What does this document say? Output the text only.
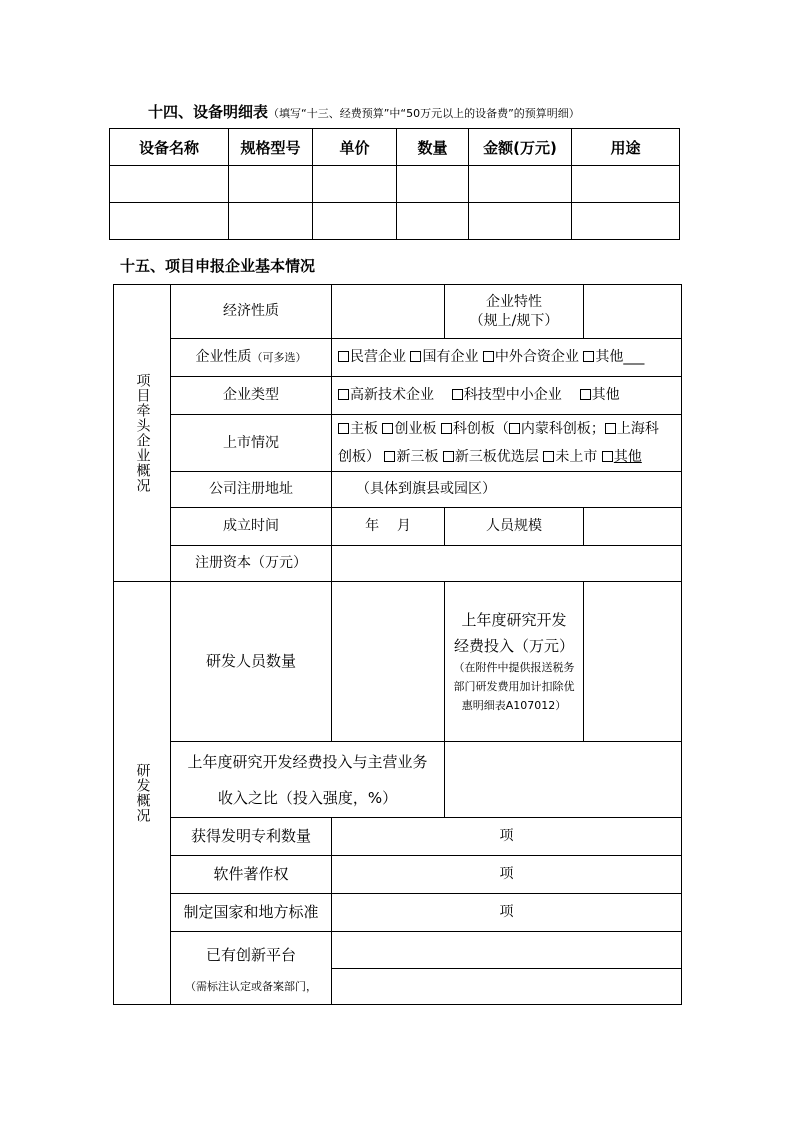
十四、设备明细表（填写“十三、经费预算”中“50万元以上的设备费”的预算明细）
设备名称	规格型号	单价	数量	金额(万元)	用途

十五、项目申报企业基本情况
项目牵头企业概况	经济性质		企业特性
（规上/规下）	

	企业性质（可多选）	民营企业 国有企业 中外合资企业 其他___		
	企业类型	高新技术企业 科技型中小企业 其他		
	上市情况	主板 创业板 科创板（ 内蒙科创板； 上海科
创板） 新三板 新三板优选层 未上市 其他		

	公司注册地址	（具体到旗县或园区）		
	成立时间	年    月	人员规模	
	注册资本（万元）			

研发概况	研发人员数量		上年度研究开发
经费投入（万元）
（在附件中提供报送税务部门研发费用加计扣除优惠明细表A107012）	

	上年度研究开发经费投入与主营业务
收入之比（投入强度，%）			

	获得发明专利数量	项		
	软件著作权	项		
	制定国家和地方标准	项		

	已有创新平台
（需标注认定或备案部门，			
